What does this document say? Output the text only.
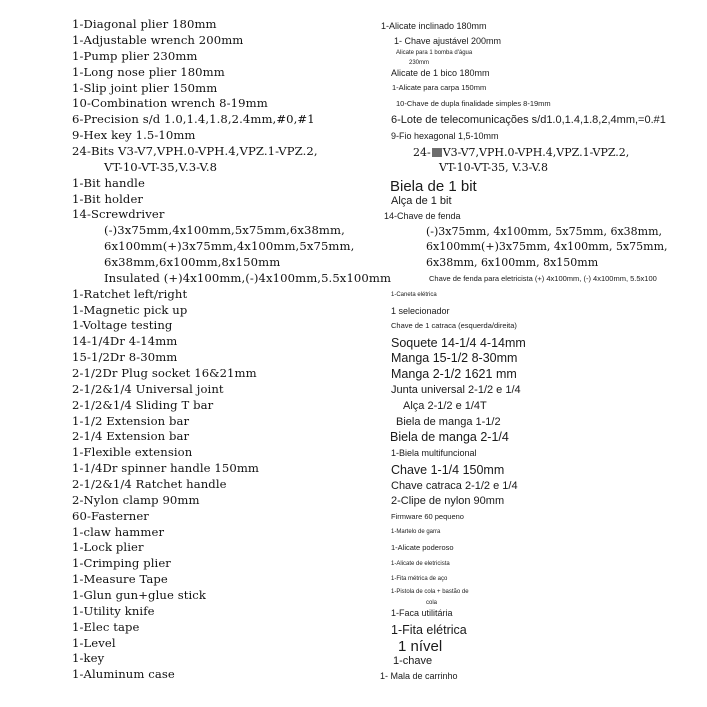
1-Diagonal plier 180mm
1-Adjustable wrench 200mm
1-Pump plier 230mm
1-Long nose plier 180mm
1-Slip joint plier 150mm
10-Combination wrench 8-19mm
6-Precision s/d 1.0,1.4,1.8,2.4mm,#0,#1
9-Hex key 1.5-10mm
24-Bits V3-V7,VPH.0-VPH.4,VPZ.1-VPZ.2,
VT-10-VT-35,V.3-V.8
1-Bit handle
1-Bit holder
14-Screwdriver
(-)3x75mm,4x100mm,5x75mm,6x38mm,
6x100mm(+)3x75mm,4x100mm,5x75mm,
6x38mm,6x100mm,8x150mm
Insulated (+)4x100mm,(-)4x100mm,5.5x100mm
1-Ratchet left/right
1-Magnetic pick up
1-Voltage testing
14-1/4Dr 4-14mm
15-1/2Dr 8-30mm
2-1/2Dr Plug socket 16&21mm
2-1/2&1/4 Universal joint
2-1/2&1/4 Sliding T bar
1-1/2 Extension bar
2-1/4 Extension bar
1-Flexible extension
1-1/4Dr spinner handle 150mm
2-1/2&1/4 Ratchet handle
2-Nylon clamp 90mm
60-Fasterner
1-claw hammer
1-Lock plier
1-Crimping plier
1-Measure Tape
1-Glun gun+glue stick
1-Utility knife
1-Elec tape
1-Level
1-key
1-Aluminum case
1-Alicate inclinado 180mm
1- Chave ajustável 200mm
Alicate para 1 bomba d'água
230mm
Alicate de 1 bico 180mm
1-Alicate para carpa 150mm
10-Chave de dupla finalidade simples 8-19mm
6-Lote de telecomunicações s/d1.0,1.4,1.8,2,4mm,=0.#1
9-Fio hexagonal 1,5-10mm
24- V3-V7,VPH.0-VPH.4,VPZ.1-VPZ.2,
VT-10-VT-35, V.3-V.8
Biela de 1 bit
Alça de 1 bit
14-Chave de fenda
(-)3x75mm, 4x100mm, 5x75mm, 6x38mm,
6x100mm(+)3x75mm, 4x100mm, 5x75mm,
6x38mm, 6x100mm, 8x150mm
Chave de fenda para eletricista (+) 4x100mm, (-) 4x100mm, 5.5x100
1-Caneta elétrica
1 selecionador
Chave de 1 catraca (esquerda/direita)
Soquete 14-1/4 4-14mm
Manga 15-1/2 8-30mm
Manga 2-1/2 1621 mm
Junta universal 2-1/2 e 1/4
Alça 2-1/2 e 1/4T
Biela de manga 1-1/2
Biela de manga 2-1/4
1-Biela multifuncional
Chave 1-1/4 150mm
Chave catraca 2-1/2 e 1/4
2-Clipe de nylon 90mm
Firmware 60 pequeno
1-Martelo de garra
1-Alicate poderoso
1-Alicate de eletricista
1-Fita métrica de aço
1-Pistola de cola + bastão de
cola
1-Faca utilitária
1-Fita elétrica
1 nível
1-chave
1- Mala de carrinho
